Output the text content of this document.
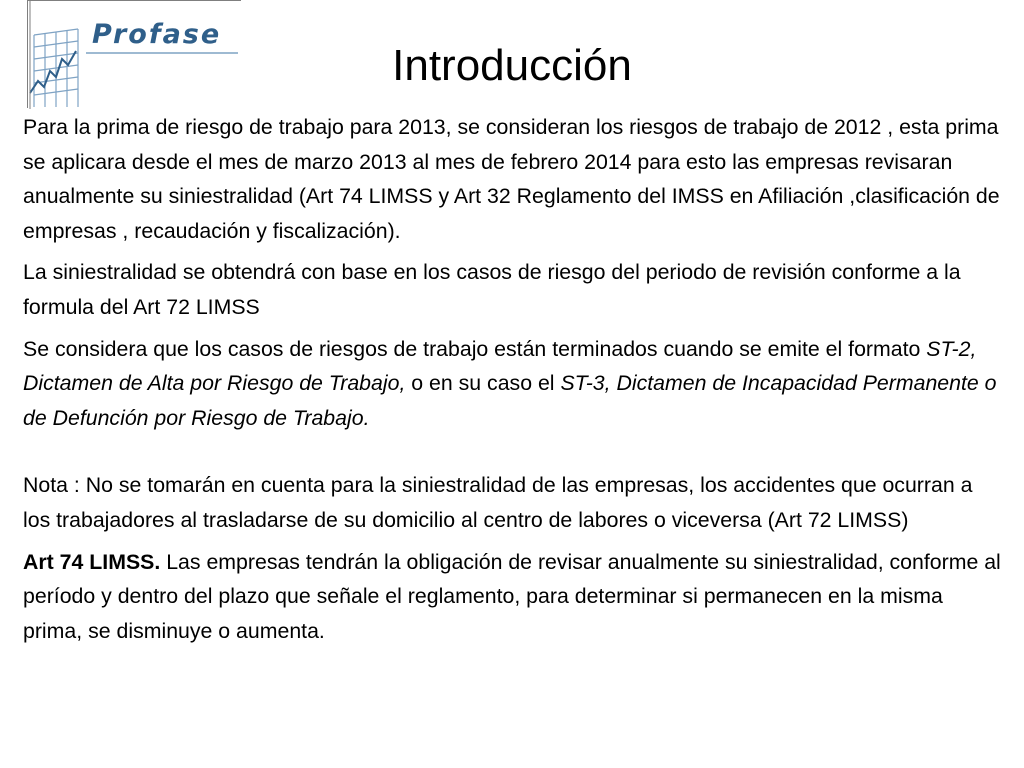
Profase
Introducción

Para la prima de riesgo de trabajo para 2013, se consideran los riesgos de trabajo de 2012 , esta prima se aplicara desde el mes de marzo 2013 al mes de febrero 2014 para esto las empresas revisaran anualmente su siniestralidad (Art 74 LIMSS y Art 32 Reglamento del IMSS en Afiliación ,clasificación de empresas , recaudación y fiscalización).

La siniestralidad se obtendrá con base en los casos de riesgo del periodo de revisión conforme a la formula del Art 72 LIMSS

Se considera que los casos de riesgos de trabajo están terminados cuando se emite el formato ST-2, Dictamen de Alta por Riesgo de Trabajo, o en su caso el ST-3, Dictamen de Incapacidad Permanente o de Defunción por Riesgo de Trabajo.

Nota : No se tomarán en cuenta para la siniestralidad de las empresas, los accidentes que ocurran a los trabajadores al trasladarse de su domicilio al centro de labores o viceversa (Art 72 LIMSS)

Art 74 LIMSS. Las empresas tendrán la obligación de revisar anualmente su siniestralidad, conforme al período y dentro del plazo que señale el reglamento, para determinar si permanecen en la misma prima, se disminuye o aumenta.
